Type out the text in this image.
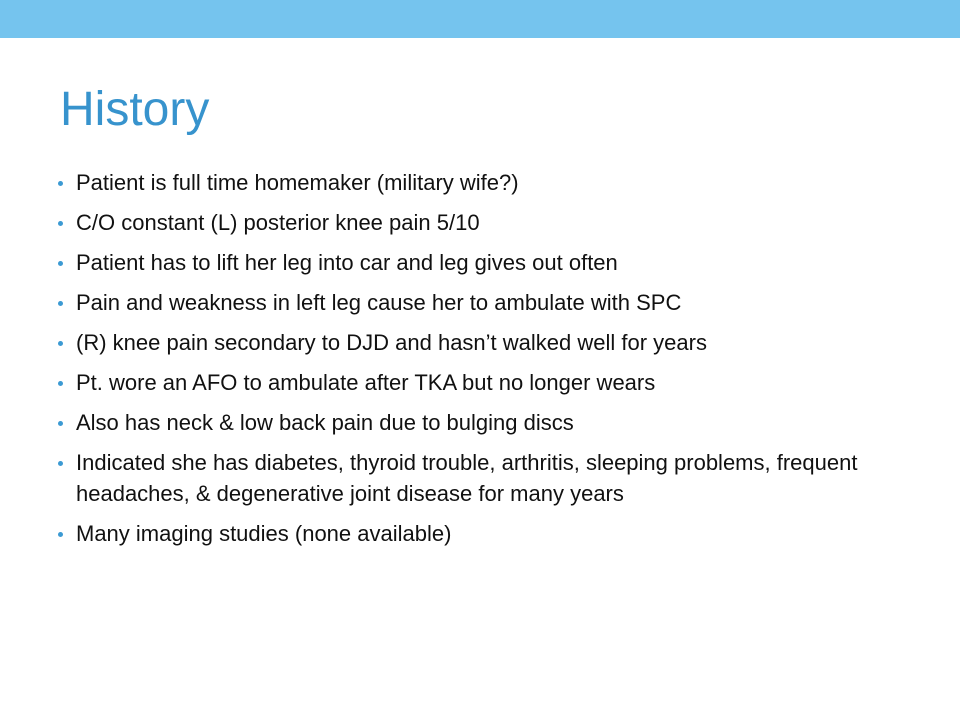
History
Patient is full time homemaker (military wife?)
C/O constant (L) posterior knee pain 5/10
Patient has to lift her leg into car and leg gives out often
Pain and weakness in left leg cause her to ambulate with SPC
(R) knee pain secondary to DJD and hasn’t walked well for years
Pt. wore an AFO to ambulate after TKA but no longer wears
Also has neck & low back pain due to bulging discs
Indicated she has diabetes, thyroid trouble, arthritis, sleeping problems, frequent headaches, & degenerative joint disease for many years
Many imaging studies (none available)
